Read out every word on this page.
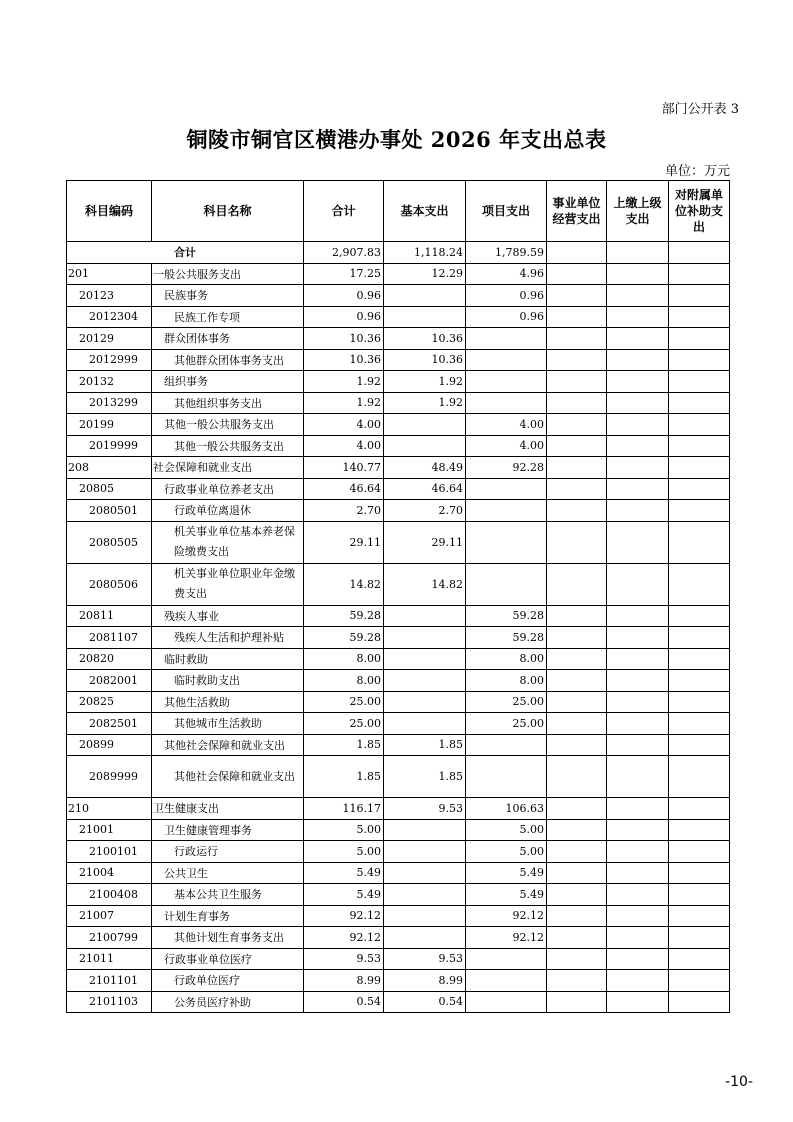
部门公开表 3
铜陵市铜官区横港办事处 2026 年支出总表
单位：万元
科目编码	科目名称	合计	基本支出	项目支出	事业单位经营支出	上缴上级支出	对附属单位补助支出
合计		2,907.83	1,118.24	1,789.59			
201	一般公共服务支出	17.25	12.29	4.96			
20123	民族事务	0.96		0.96			
2012304	民族工作专项	0.96		0.96			
20129	群众团体事务	10.36	10.36				
2012999	其他群众团体事务支出	10.36	10.36				
20132	组织事务	1.92	1.92				
2013299	其他组织事务支出	1.92	1.92				
20199	其他一般公共服务支出	4.00		4.00			
2019999	其他一般公共服务支出	4.00		4.00			
208	社会保障和就业支出	140.77	48.49	92.28			
20805	行政事业单位养老支出	46.64	46.64				
2080501	行政单位离退休	2.70	2.70				
2080505	机关事业单位基本养老保险缴费支出	29.11	29.11				
2080506	机关事业单位职业年金缴费支出	14.82	14.82				
20811	残疾人事业	59.28		59.28			
2081107	残疾人生活和护理补贴	59.28		59.28			
20820	临时救助	8.00		8.00			
2082001	临时救助支出	8.00		8.00			
20825	其他生活救助	25.00		25.00			
2082501	其他城市生活救助	25.00		25.00			
20899	其他社会保障和就业支出	1.85	1.85				
2089999	其他社会保障和就业支出	1.85	1.85				
210	卫生健康支出	116.17	9.53	106.63			
21001	卫生健康管理事务	5.00		5.00			
2100101	行政运行	5.00		5.00			
21004	公共卫生	5.49		5.49			
2100408	基本公共卫生服务	5.49		5.49			
21007	计划生育事务	92.12		92.12			
2100799	其他计划生育事务支出	92.12		92.12			
21011	行政事业单位医疗	9.53	9.53				
2101101	行政单位医疗	8.99	8.99				
2101103	公务员医疗补助	0.54	0.54				
-10-
